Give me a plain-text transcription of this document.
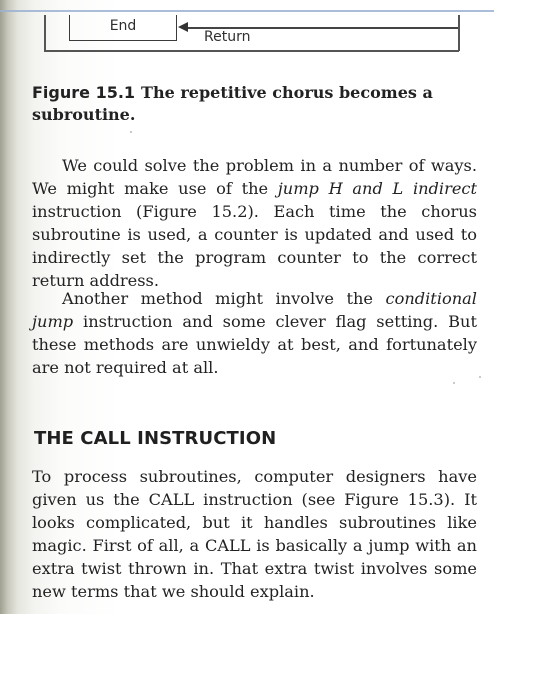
End
Return
Figure 15.1 The repetitive chorus becomes a subroutine.

We could solve the problem in a number of ways. We might make use of the jump H and L indirect instruction (Figure 15.2). Each time the chorus subroutine is used, a counter is updated and used to indirectly set the program counter to the correct return address.

Another method might involve the conditional jump instruction and some clever flag setting. But these methods are unwieldy at best, and fortunately are not required at all.

THE CALL INSTRUCTION

To process subroutines, computer designers have given us the CALL instruction (see Figure 15.3). It looks complicated, but it handles subroutines like magic. First of all, a CALL is basically a jump with an extra twist thrown in. That extra twist involves some new terms that we should explain.
